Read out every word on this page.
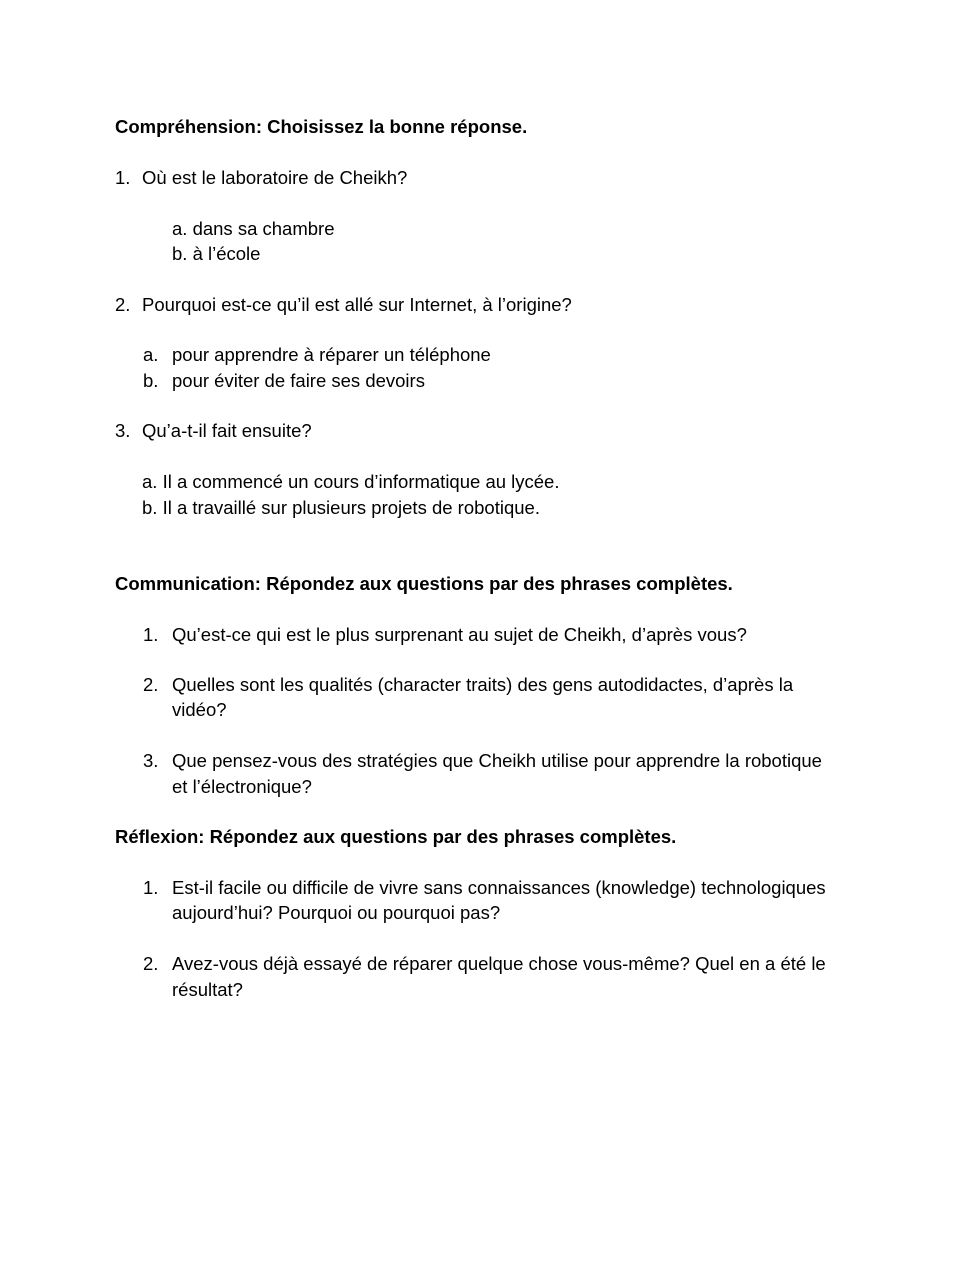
Compréhension: Choisissez la bonne réponse.
1. Où est le laboratoire de Cheikh?
a. dans sa chambre
b. à l’école
2. Pourquoi est-ce qu’il est allé sur Internet, à l’origine?
a. pour apprendre à réparer un téléphone
b. pour éviter de faire ses devoirs
3. Qu’a-t-il fait ensuite?
a. Il a commencé un cours d’informatique au lycée.
b. Il a travaillé sur plusieurs projets de robotique.
Communication: Répondez aux questions par des phrases complètes.
1. Qu’est-ce qui est le plus surprenant au sujet de Cheikh, d’après vous?
2. Quelles sont les qualités (character traits) des gens autodidactes, d’après la
vidéo?
3. Que pensez-vous des stratégies que Cheikh utilise pour apprendre la robotique
et l’électronique?
Réflexion: Répondez aux questions par des phrases complètes.
1. Est-il facile ou difficile de vivre sans connaissances (knowledge) technologiques
aujourd’hui? Pourquoi ou pourquoi pas?
2. Avez-vous déjà essayé de réparer quelque chose vous-même? Quel en a été le
résultat?
